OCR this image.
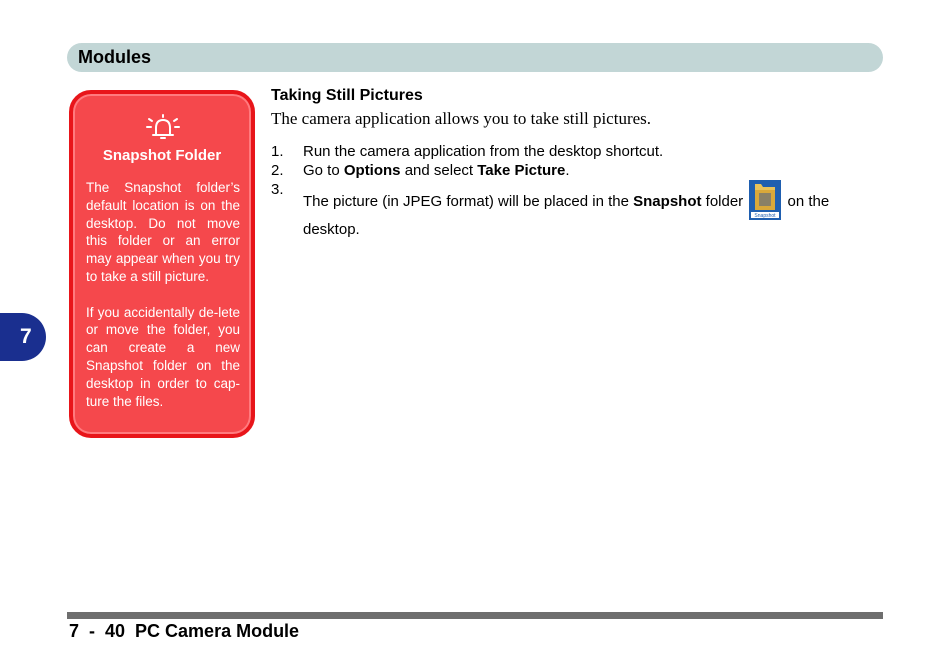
Modules
7
Snapshot Folder

The Snapshot folder’s default location is on the desktop. Do not move this folder or an error may appear when you try to take a still picture.

If you accidentally de-lete or move the folder, you can create a new Snapshot folder on the desktop in order to cap-ture the files.

Taking Still Pictures
The camera application allows you to take still pictures.
1. Run the camera application from the desktop shortcut.
2. Go to Options and select Take Picture.
3.
The picture (in JPEG format) will be placed in the Snapshot folder
Snapshot
on the desktop.
7  -  40  PC Camera Module
